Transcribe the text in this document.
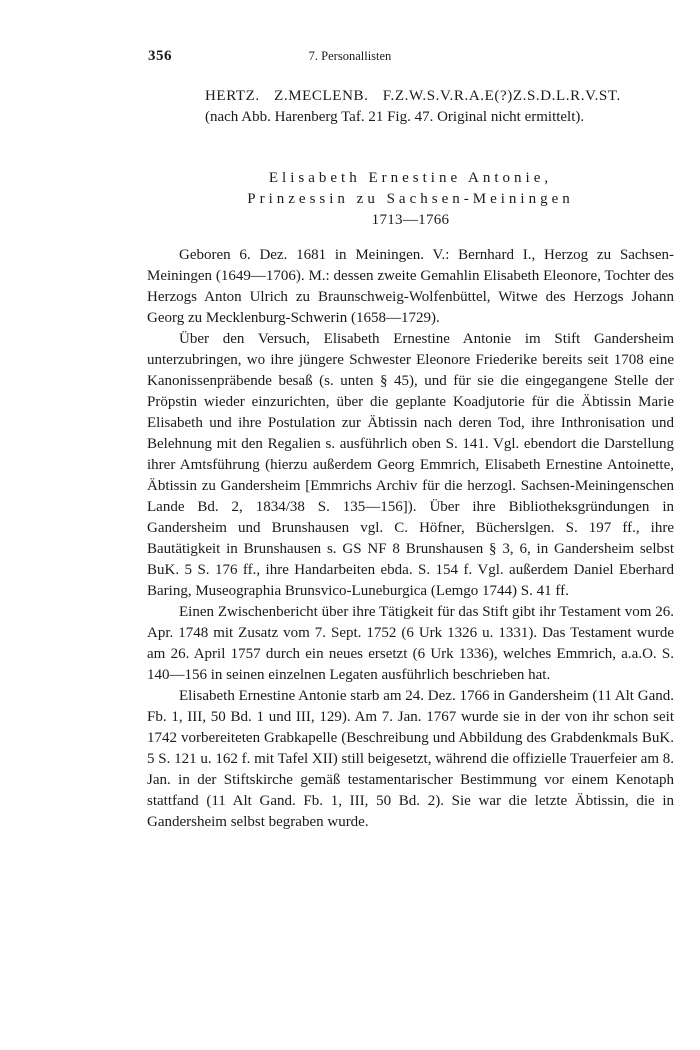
356	7. Personallisten
HERTZ. Z.MECLENB. F.Z.W.S.V.R.A.E(?)Z.S.D.L.R.V.ST.
(nach Abb. Harenberg Taf. 21 Fig. 47. Original nicht ermittelt).
Elisabeth Ernestine Antonie,
Prinzessin zu Sachsen-Meiningen
1713—1766

Geboren 6. Dez. 1681 in Meiningen. V.: Bernhard I., Herzog zu Sachsen-Meiningen (1649—1706). M.: dessen zweite Gemahlin Elisabeth Eleonore, Tochter des Herzogs Anton Ulrich zu Braunschweig-Wolfenbüttel, Witwe des Herzogs Johann Georg zu Mecklenburg-Schwerin (1658—1729).

Über den Versuch, Elisabeth Ernestine Antonie im Stift Gandersheim unterzubringen, wo ihre jüngere Schwester Eleonore Friederike bereits seit 1708 eine Kanonissenpräbende besaß (s. unten § 45), und für sie die eingegangene Stelle der Pröpstin wieder einzurichten, über die geplante Koadjutorie für die Äbtissin Marie Elisabeth und ihre Postulation zur Äbtissin nach deren Tod, ihre Inthronisation und Belehnung mit den Regalien s. ausführlich oben S. 141. Vgl. ebendort die Darstellung ihrer Amtsführung (hierzu außerdem Georg Emmrich, Elisabeth Ernestine Antoinette, Äbtissin zu Gandersheim [Emmrichs Archiv für die herzogl. Sachsen-Meiningenschen Lande Bd. 2, 1834/38 S. 135—156]). Über ihre Bibliotheksgründungen in Gandersheim und Brunshausen vgl. C. Höfner, Bücherslgen. S. 197 ff., ihre Bautätigkeit in Brunshausen s. GS NF 8 Brunshausen § 3, 6, in Gandersheim selbst BuK. 5 S. 176 ff., ihre Handarbeiten ebda. S. 154 f. Vgl. außerdem Daniel Eberhard Baring, Museographia Brunsvico-Luneburgica (Lemgo 1744) S. 41 ff.

Einen Zwischenbericht über ihre Tätigkeit für das Stift gibt ihr Testament vom 26. Apr. 1748 mit Zusatz vom 7. Sept. 1752 (6 Urk 1326 u. 1331). Das Testament wurde am 26. April 1757 durch ein neues ersetzt (6 Urk 1336), welches Emmrich, a.a.O. S. 140—156 in seinen einzelnen Legaten ausführlich beschrieben hat.

Elisabeth Ernestine Antonie starb am 24. Dez. 1766 in Gandersheim (11 Alt Gand. Fb. 1, III, 50 Bd. 1 und III, 129). Am 7. Jan. 1767 wurde sie in der von ihr schon seit 1742 vorbereiteten Grabkapelle (Beschreibung und Abbildung des Grabdenkmals BuK. 5 S. 121 u. 162 f. mit Tafel XII) still beigesetzt, während die offizielle Trauerfeier am 8. Jan. in der Stiftskirche gemäß testamentarischer Bestimmung vor einem Kenotaph stattfand (11 Alt Gand. Fb. 1, III, 50 Bd. 2). Sie war die letzte Äbtissin, die in Gandersheim selbst begraben wurde.
